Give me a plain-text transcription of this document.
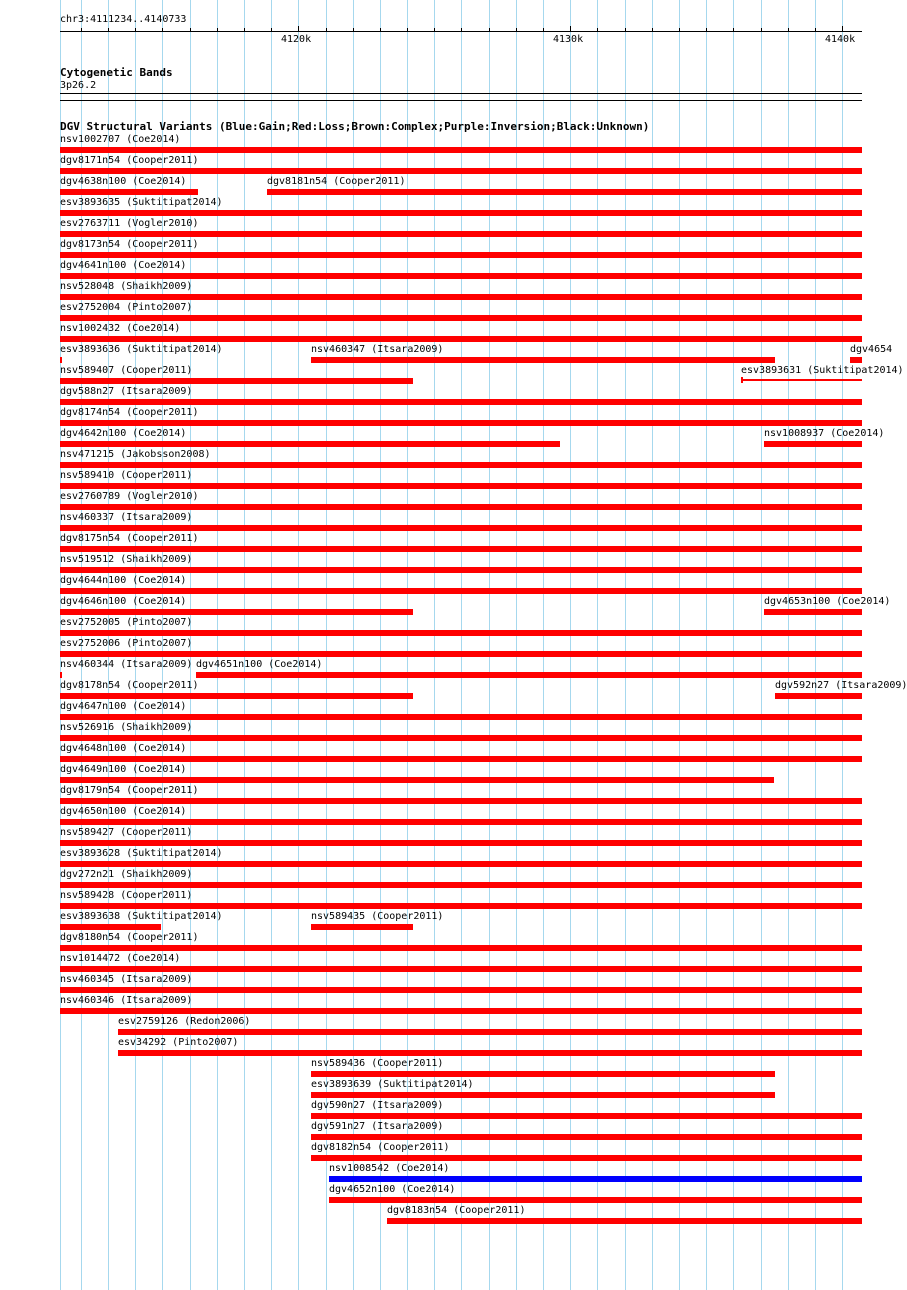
chr3:4111234..4140733
4120k	4130k	4140k
Cytogenetic Bands
3p26.2
DGV Structural Variants (Blue:Gain;Red:Loss;Brown:Complex;Purple:Inversion;Black:Unknown)
nsv1002707 (Coe2014)
dgv8171n54 (Cooper2011)
dgv4638n100 (Coe2014)	dgv8181n54 (Cooper2011)
esv3893635 (Suktitipat2014)
esv2763711 (Vogler2010)
dgv8173n54 (Cooper2011)
dgv4641n100 (Coe2014)
nsv528048 (Shaikh2009)
esv2752004 (Pinto2007)
nsv1002432 (Coe2014)
esv3893636 (Suktitipat2014)	nsv460347 (Itsara2009)	dgv4654
nsv589407 (Cooper2011)	esv3893631 (Suktitipat2014)
dgv588n27 (Itsara2009)
dgv8174n54 (Cooper2011)
dgv4642n100 (Coe2014)	nsv1008937 (Coe2014)
nsv471215 (Jakobsson2008)
nsv589410 (Cooper2011)
esv2760789 (Vogler2010)
nsv460337 (Itsara2009)
dgv8175n54 (Cooper2011)
nsv519512 (Shaikh2009)
dgv4644n100 (Coe2014)
dgv4646n100 (Coe2014)	dgv4653n100 (Coe2014)
esv2752005 (Pinto2007)
esv2752006 (Pinto2007)
nsv460344 (Itsara2009) dgv4651n100 (Coe2014)
dgv8178n54 (Cooper2011)	dgv592n27 (Itsara2009)
dgv4647n100 (Coe2014)
nsv526916 (Shaikh2009)
dgv4648n100 (Coe2014)
dgv4649n100 (Coe2014)
dgv8179n54 (Cooper2011)
dgv4650n100 (Coe2014)
nsv589427 (Cooper2011)
esv3893628 (Suktitipat2014)
dgv272n21 (Shaikh2009)
nsv589428 (Cooper2011)
esv3893638 (Suktitipat2014)	nsv589435 (Cooper2011)
dgv8180n54 (Cooper2011)
nsv1014472 (Coe2014)
nsv460345 (Itsara2009)
nsv460346 (Itsara2009)
esv2759126 (Redon2006)
esv34292 (Pinto2007)
nsv589436 (Cooper2011)
esv3893639 (Suktitipat2014)
dgv590n27 (Itsara2009)
dgv591n27 (Itsara2009)
dgv8182n54 (Cooper2011)
nsv1008542 (Coe2014)
dgv4652n100 (Coe2014)
dgv8183n54 (Cooper2011)
